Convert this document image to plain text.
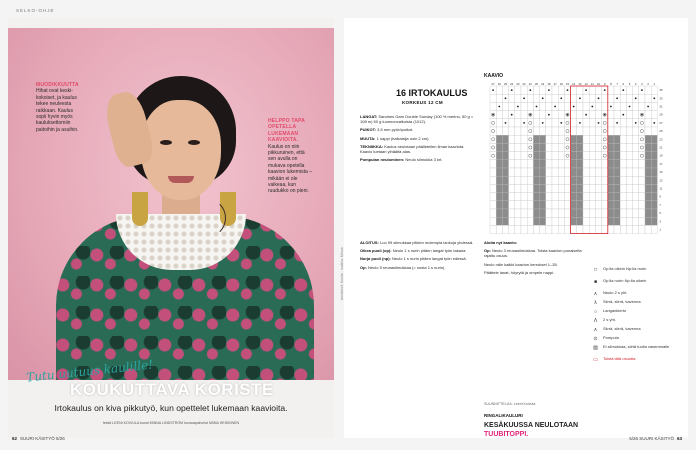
SELKO-OHJE
MUODIKKUUTTA
Hihat ovat keskikokoiset, ja kaulus tekee neuleesta raikkaan. Kaulus sopii hyvin myös kauluksettomiin paitoihin ja asuihin.
HELPPO TAPA OPETELLA LUKEMAAN KAAVIOITA.
Kaulus on niin pikkuruinen, että sen avulla on mukava opetella kaavion lukemista – mikään ei ole vaikeaa, kun ruudukko on pieni.
Tutu uutuus kaulille!
KOUKUTTAVA KORISTE
Irtokaulus on kiva pikkutyö, kun opettelet lukemaan kaavioita.
teksti LEENI KOIVULA kuvat MINNA LINDSTRÖM kuvauspalvelut MIINA HEIKKINEN
62 SUURI KÄSITYÖ 5/26
tarvikkeet: Novita · mallinu: Minna
16 IRTOKAULUS
KORKEUS 12 CM

LANGAT: Sandnes Garn Double Sunday (100 % merino, 50 g = 108 m) 50 g luonnonvalkoista (1012).

PUIKOT: 3,5 mm pyöröpuikot.

MUUTA: 1 nappi (halkaisija noin 2 cm).

TEKNIIKKA: Kaulus neulotaan päälletellen ilman kaaviota. Kaavio luetaan ylhäältä alas.

Pompulan neulominen: Neulo silmukka 3 krt.

ALOITUS: Luo 99 silmukkaa pitkien molempia lankoja yhdessä.

Oikea puoli (op): Neulo 1 s nurin pitäen langat työn takana.

Nurja puoli (np): Neulo 1 s nurin pitäen langat työn edessä.

Op: Neulo 5 reunasilmukkaa (= nosta 1 s nurin).

Aloita nyt kaavio:

Op: Neulo 3 reunasilmukkaa. Toista kaavion punaisella rajattu osuus.

Neulo näin kaikki kaavion kerrokset 1–35.

Päättele lanat, höyrytä ja ompele nappi.

KAAVIO
27 26 25 24 23 22 21 20 19 18 17 16 15 14 13 12 11 10 9 8 7 6 5 4 3 2 1
35
33
31
29
27
25
23
21
19
17
15
13
11
9
7
5
3
1
□	Op:lla oikein Np:lla nurin
■	Op:lla nurin Np:lla oikein
∧	Neulo 2 s yht.
λ	Siirrä, siirrä, kavenna
○	Langankierto
Λ	2 s yht.
∧	Siirrä, siirrä, kavenna
⊙	Pompula
▨ Ei silmukkaa, siirtä tuolla vasemmalle
▭ Toista tätä osuutta
SUUNNITTELIJA: Leeni Koivula
RINGALIKAULURI
KESÄKUUSSA NEULOTAAN
TUUBITOPPI.
5/26 SUURI KÄSITYÖ 63
